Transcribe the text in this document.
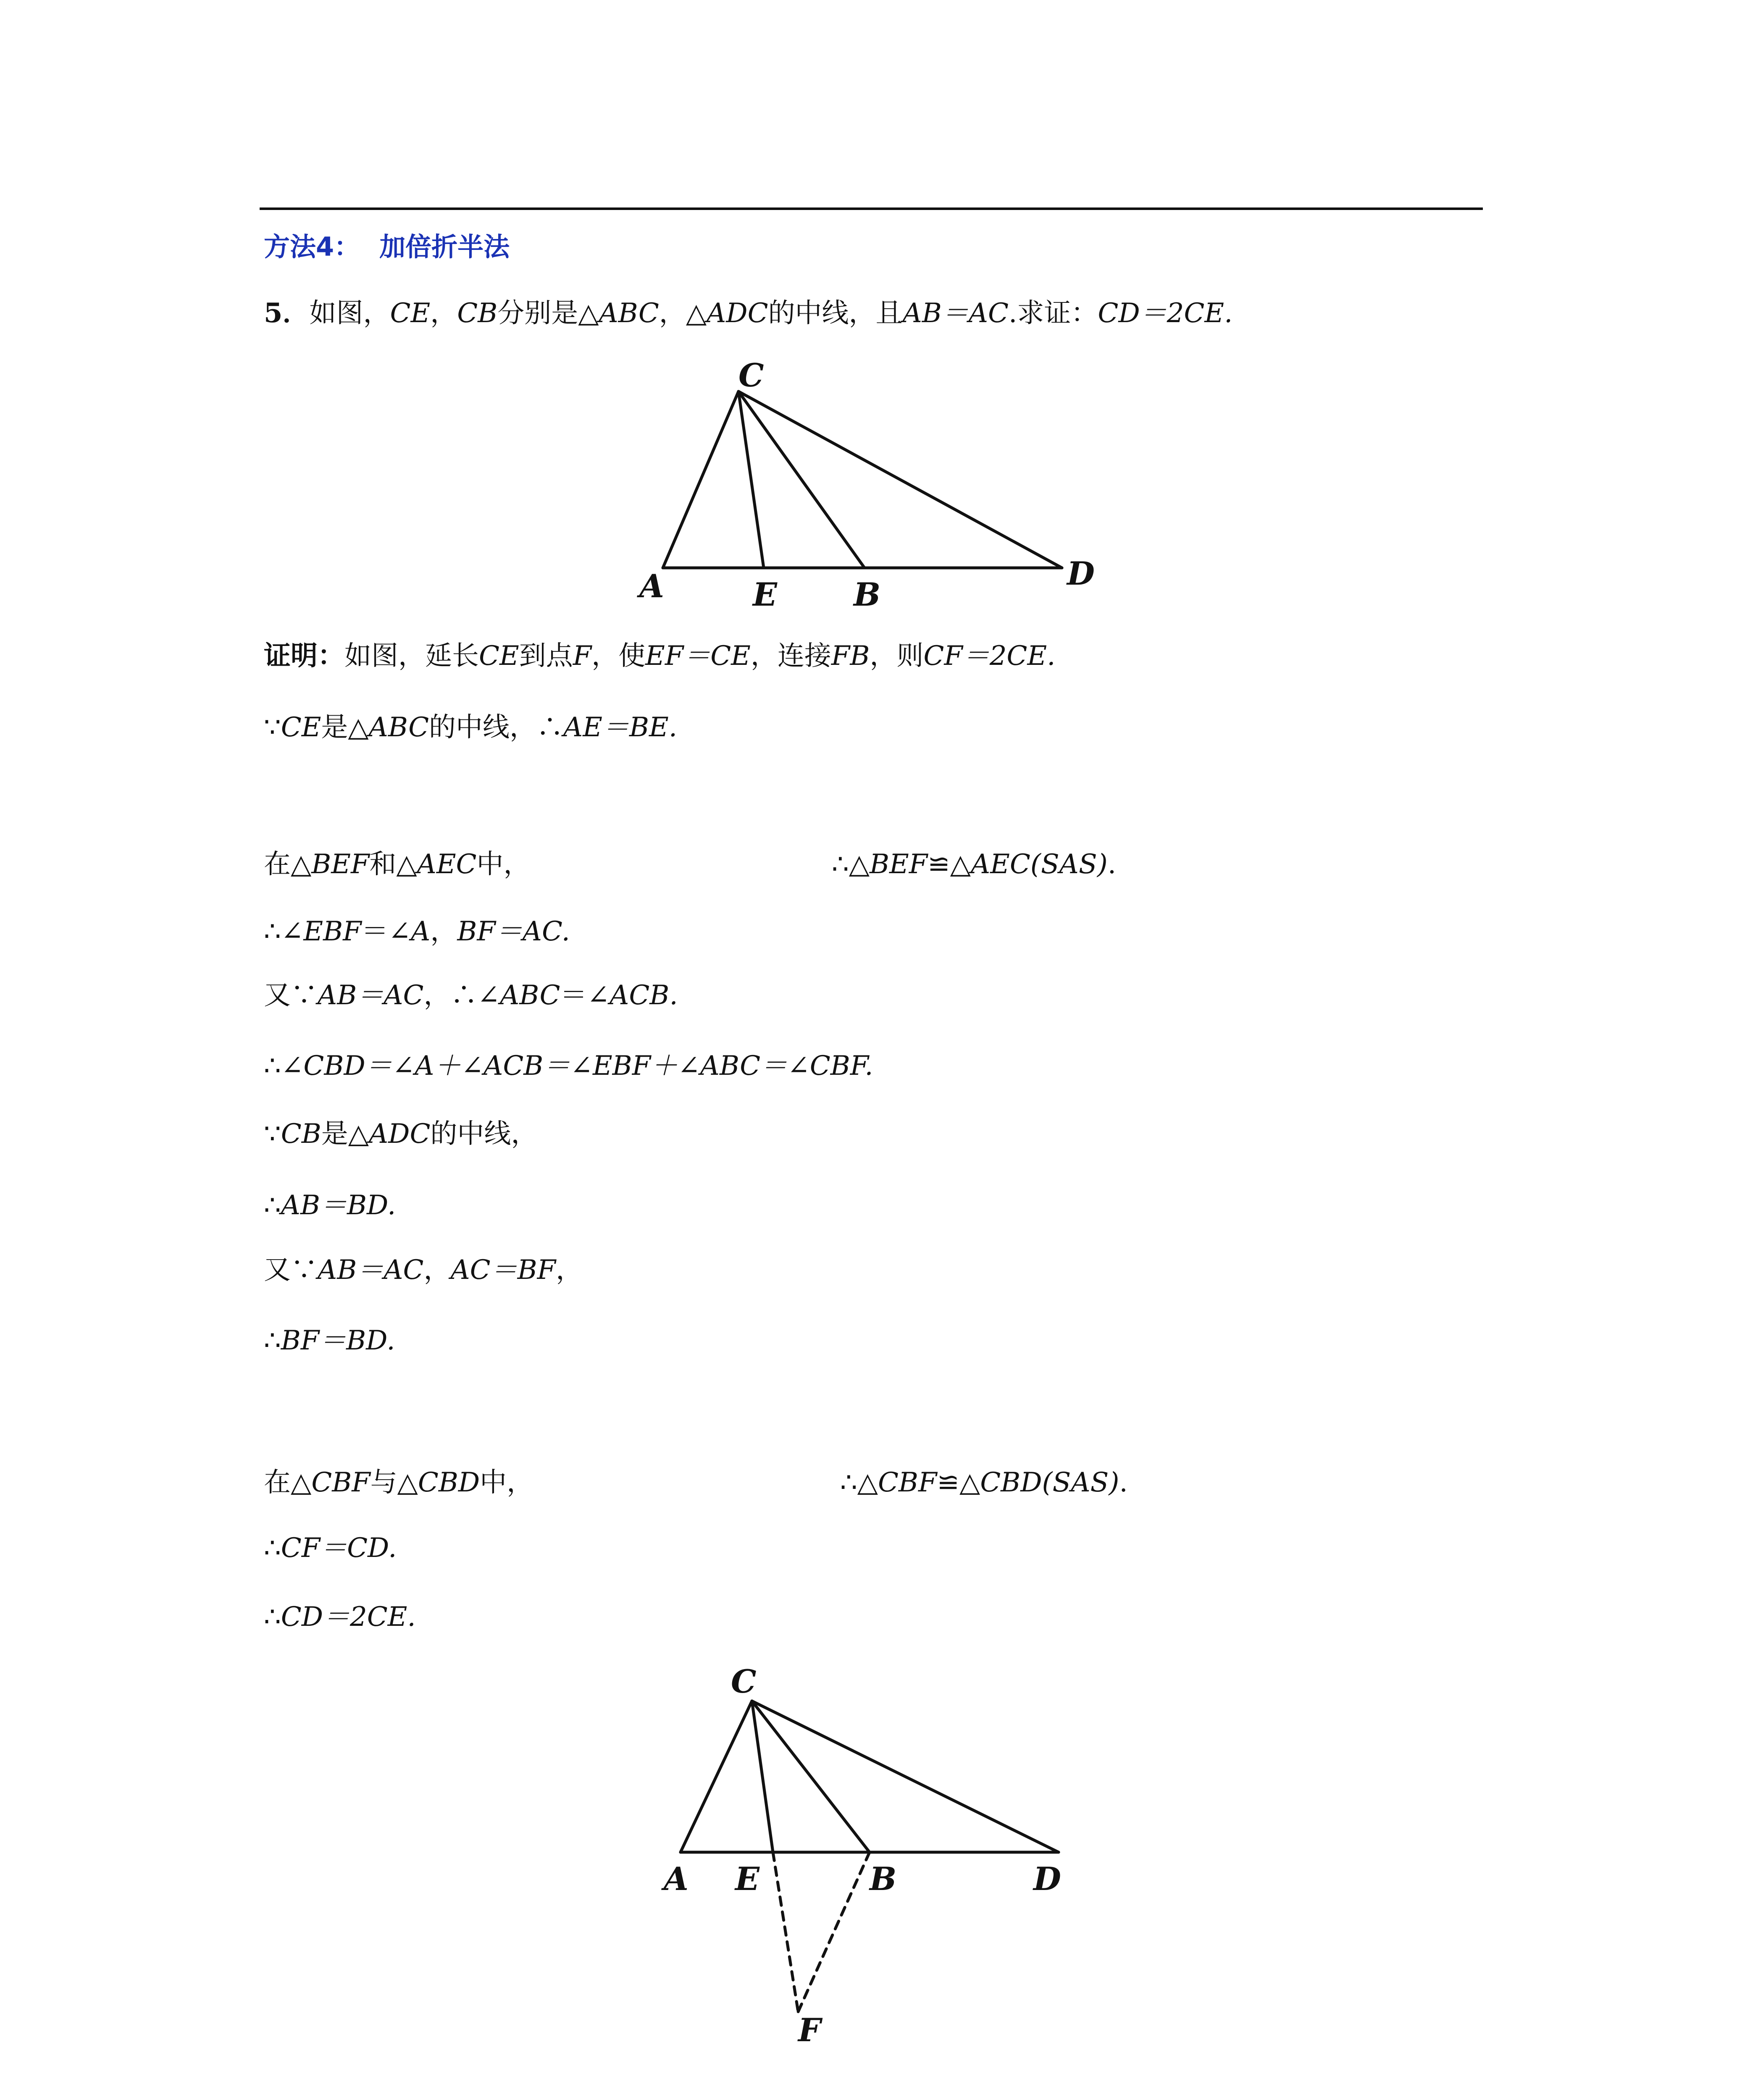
方法4： 加倍折半法
5．如图，CE，CB分别是△ABC，△ADC的中线，且AB＝AC.求证：CD＝2CE.
C
A	E B
D
证明：如图，延长CE到点F，使EF＝CE，连接FB，则CF＝2CE.
∵CE是△ABC的中线，∴AE＝BE.
在△BEF和△AEC中，	∴△BEF≌△AEC(SAS).
∴∠EBF＝∠A，BF＝AC.
又∵AB＝AC，∴∠ABC＝∠ACB.
∴∠CBD＝∠A＋∠ACB＝∠EBF＋∠ABC＝∠CBF.
∵CB是△ADC的中线，
∴AB＝BD.
又∵AB＝AC，AC＝BF，
∴BF＝BD.
在△CBF与△CBD中，	∴△CBF≌△CBD(SAS).
∴CF＝CD.
∴CD＝2CE.
C
A E	B	D
F
